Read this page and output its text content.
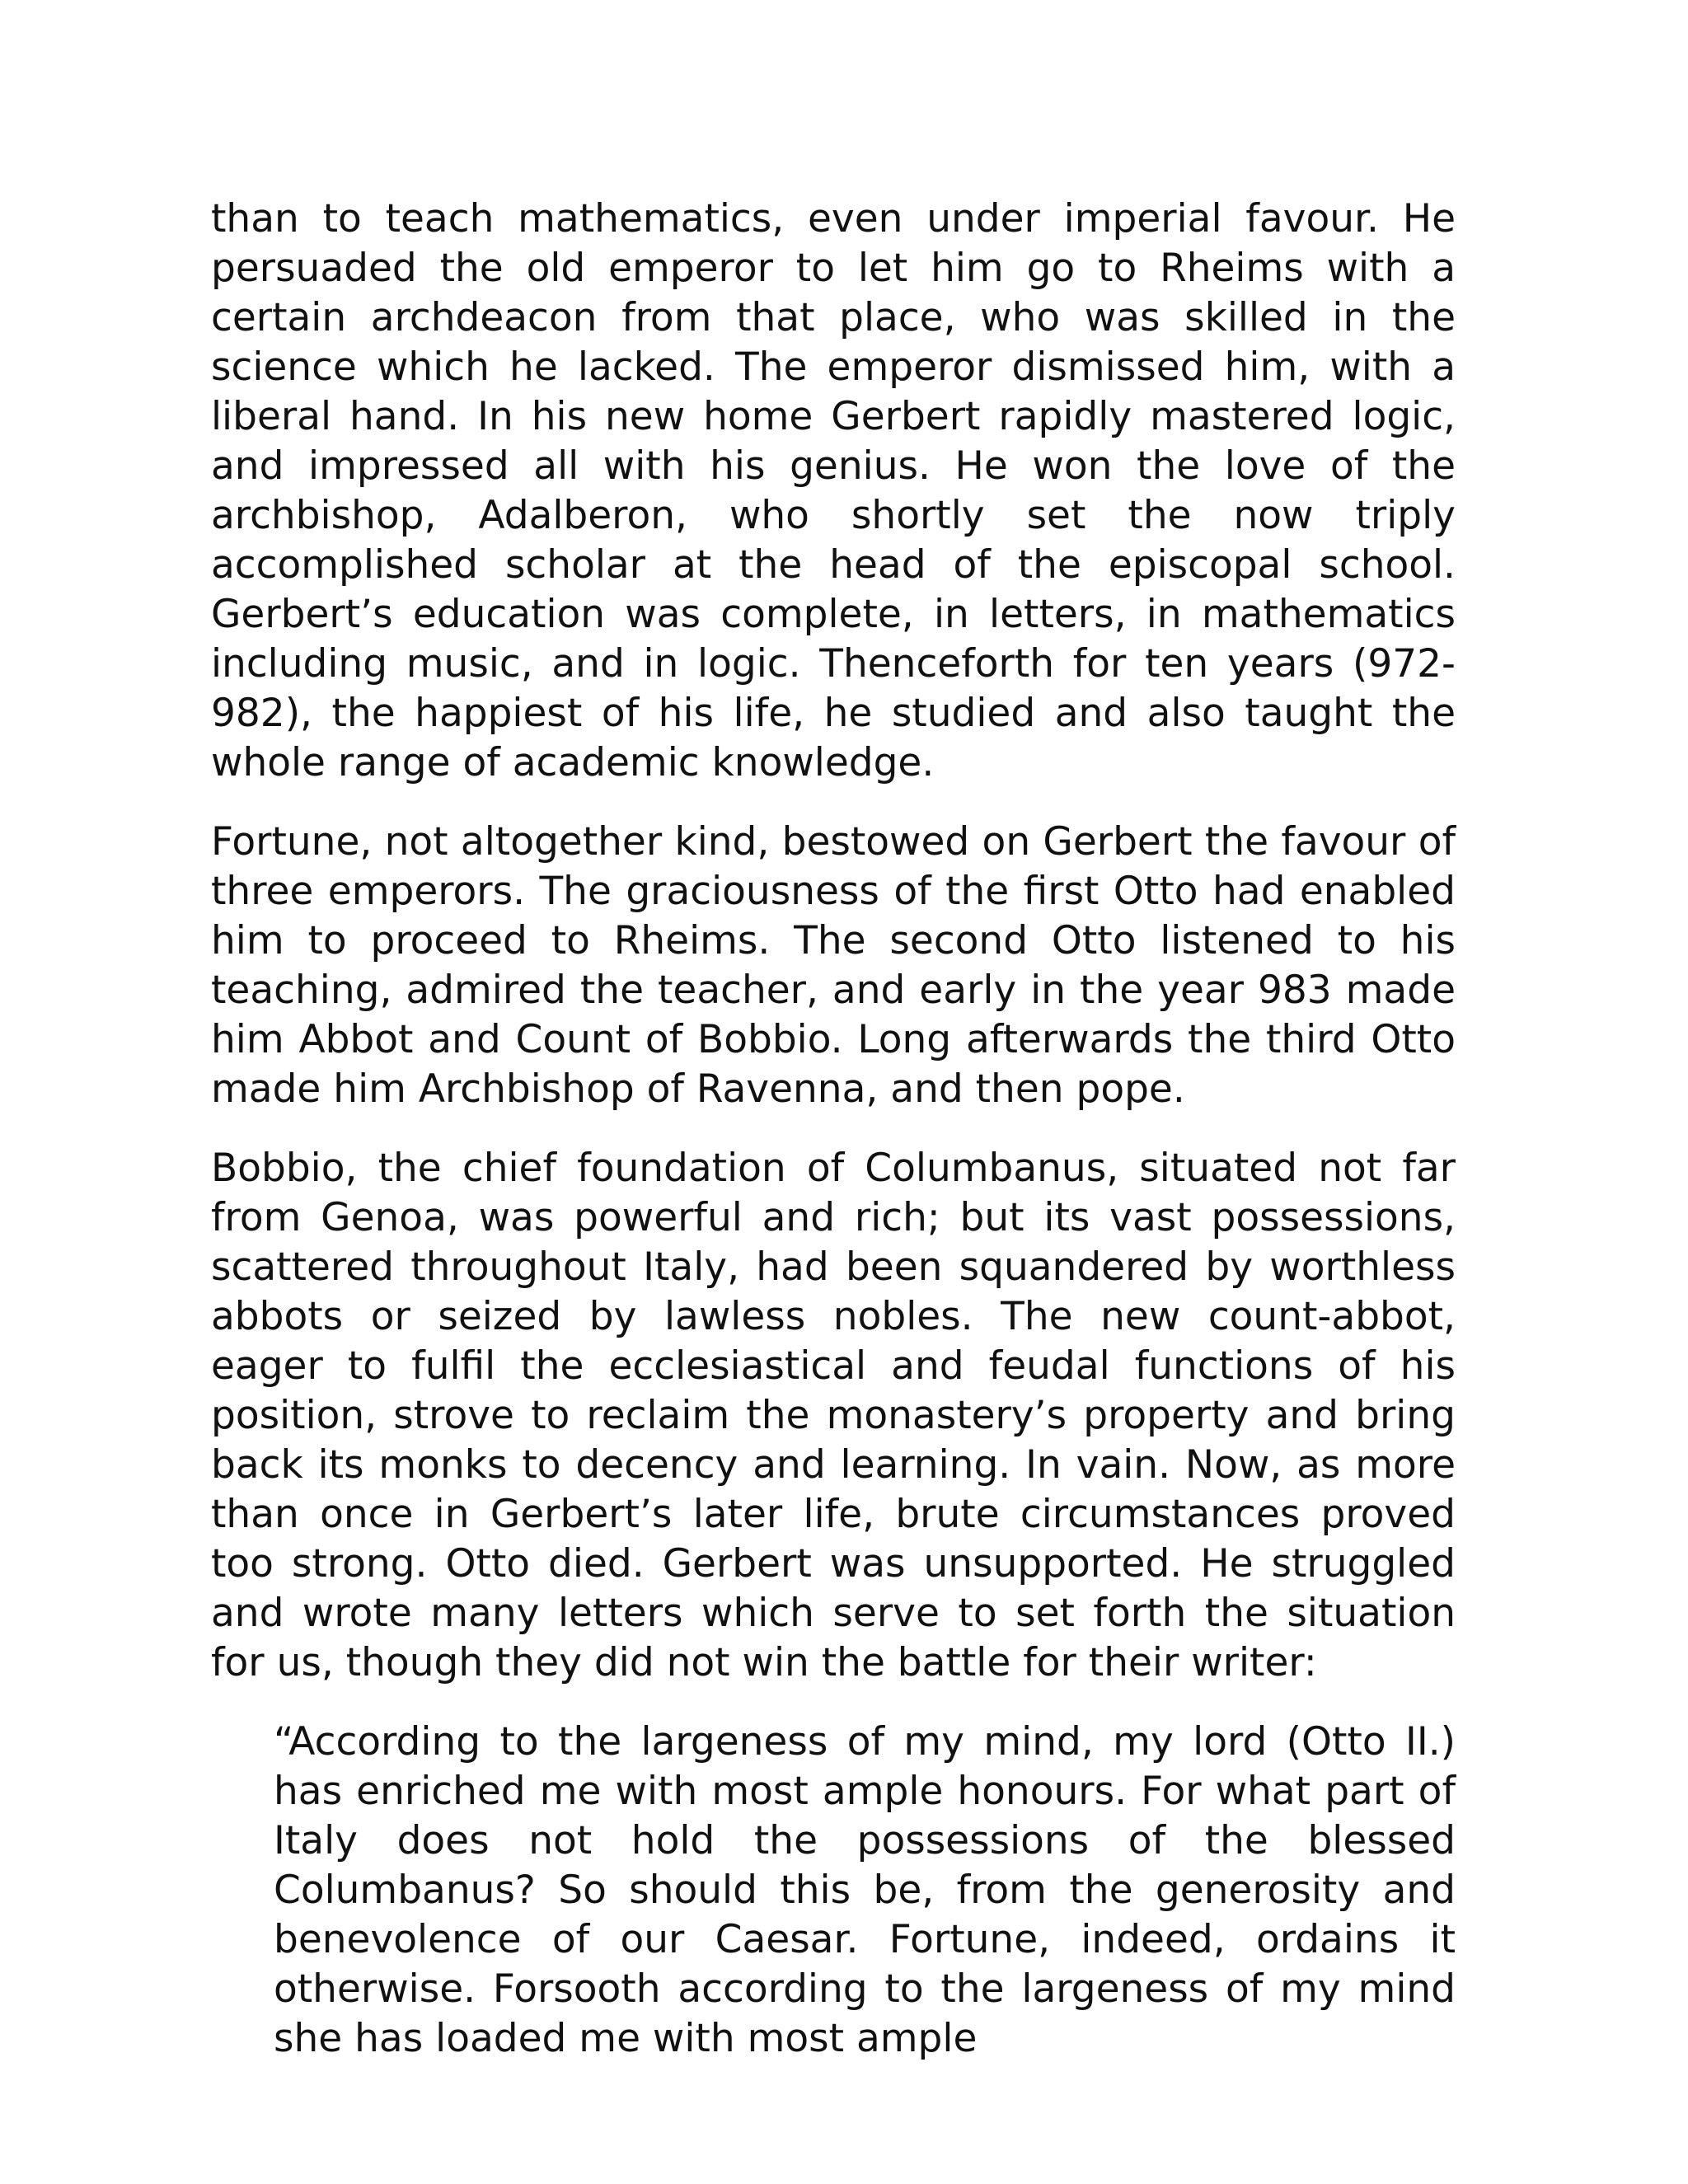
than to teach mathematics, even under imperial favour. He persuaded the old emperor to let him go to Rheims with a certain archdeacon from that place, who was skilled in the science which he lacked. The emperor dismissed him, with a liberal hand. In his new home Gerbert rapidly mastered logic, and impressed all with his genius. He won the love of the archbishop, Adalberon, who shortly set the now triply accomplished scholar at the head of the episcopal school. Gerbert’s education was complete, in letters, in mathematics including music, and in logic. Thenceforth for ten years (972-982), the happiest of his life, he studied and also taught the whole range of academic knowledge.

Fortune, not altogether kind, bestowed on Gerbert the favour of three emperors. The graciousness of the first Otto had enabled him to proceed to Rheims. The second Otto listened to his teaching, admired the teacher, and early in the year 983 made him Abbot and Count of Bobbio. Long afterwards the third Otto made him Archbishop of Ravenna, and then pope.

Bobbio, the chief foundation of Columbanus, situated not far from Genoa, was powerful and rich; but its vast possessions, scattered throughout Italy, had been squandered by worthless abbots or seized by lawless nobles. The new count-abbot, eager to fulfil the ecclesiastical and feudal functions of his position, strove to reclaim the monastery’s property and bring back its monks to decency and learning. In vain. Now, as more than once in Gerbert’s later life, brute circumstances proved too strong. Otto died. Gerbert was unsupported. He struggled and wrote many letters which serve to set forth the situation for us, though they did not win the battle for their writer:

“According to the largeness of my mind, my lord (Otto II.) has enriched me with most ample honours. For what part of Italy does not hold the possessions of the blessed Columbanus? So should this be, from the generosity and benevolence of our Caesar. Fortune, indeed, ordains it otherwise. Forsooth according to the largeness of my mind she has loaded me with most ample
